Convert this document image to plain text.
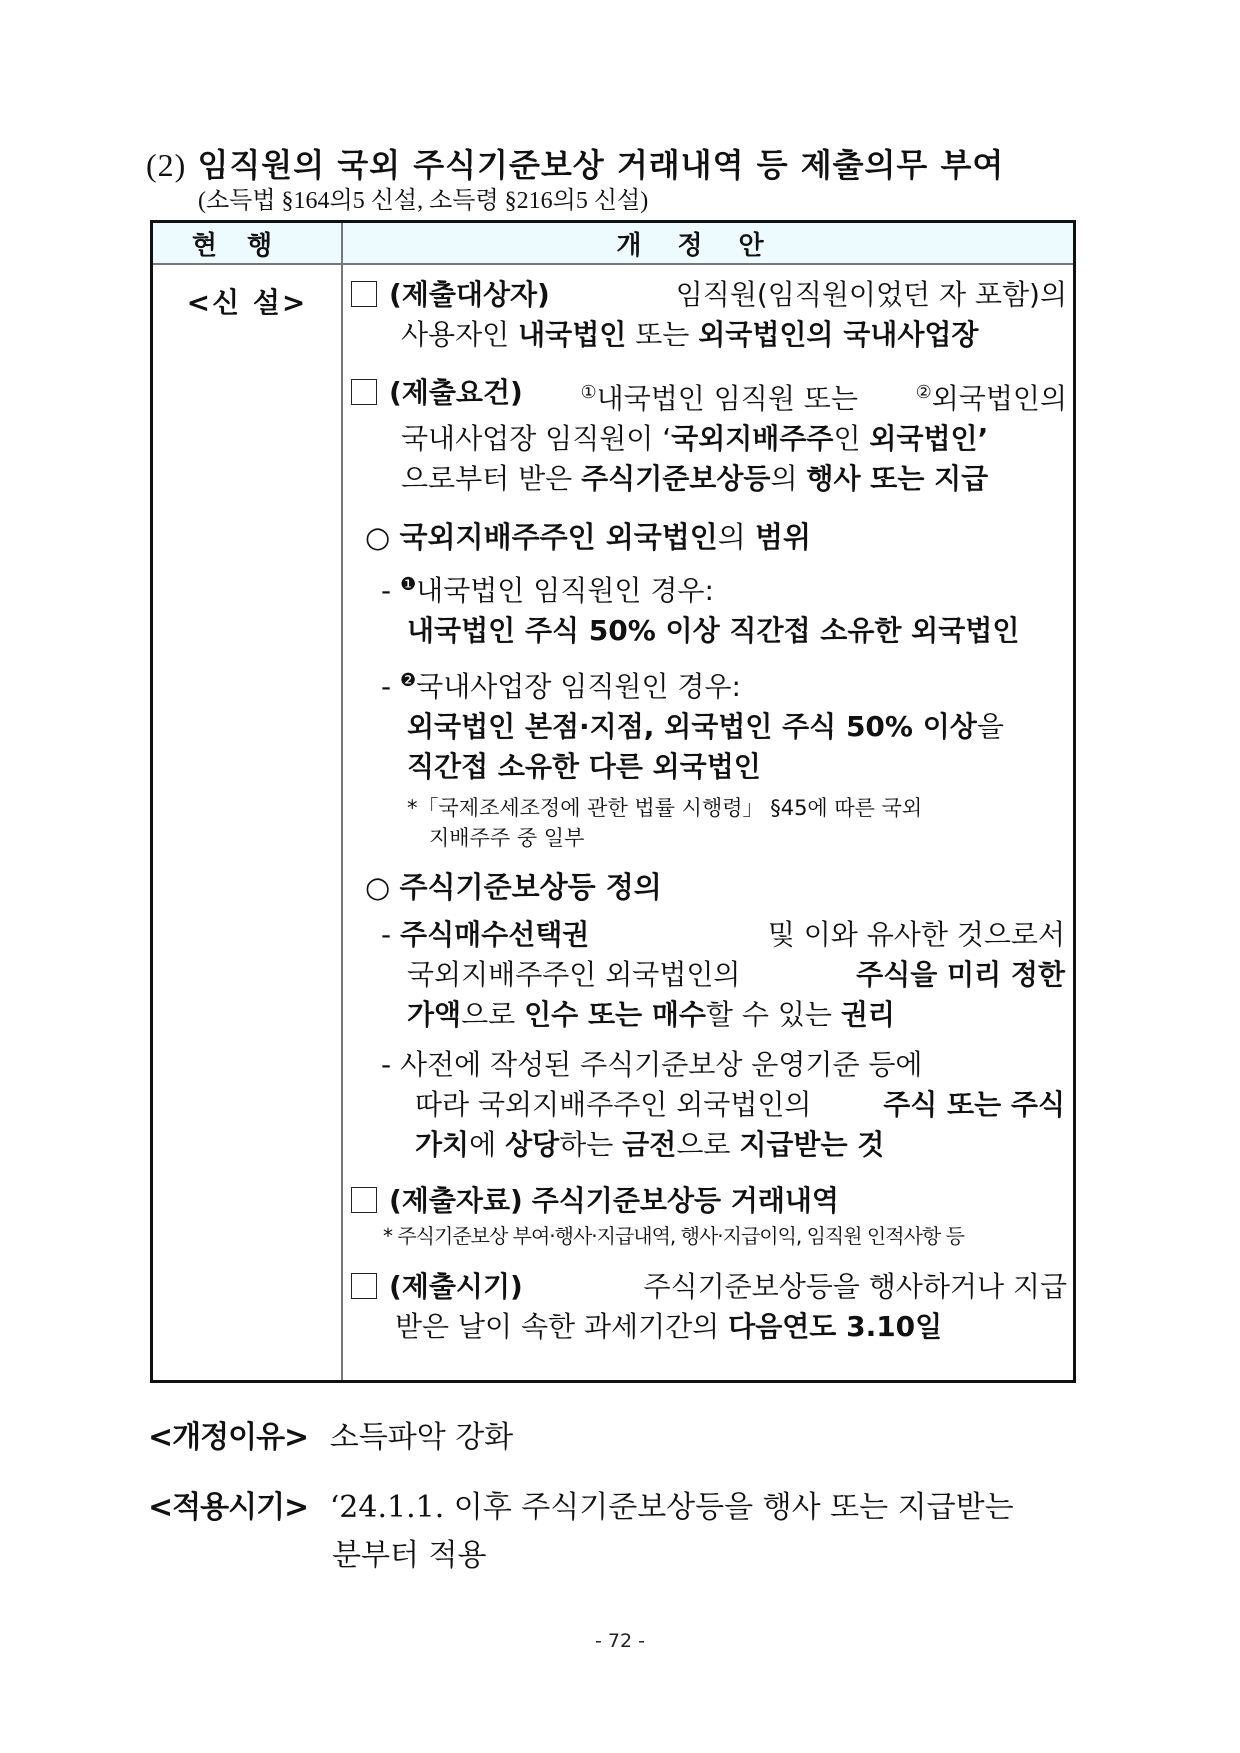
(2) 임직원의 국외 주식기준보상 거래내역 등 제출의무 부여
(소득법 §164의5 신설, 소득령 §216의5 신설)
현행	개정안

<신 설>	(제출대상자)	임직원(임직원이었던 자 포함)의
사용자인 내국법인 또는 외국법인의 국내사업장
(제출요건)	①내국법인 임직원 또는	②외국법인의
국내사업장 임직원이 ‘국외지배주주인 외국법인’
으로부터 받은 주식기준보상등의 행사 또는 지급
○ 국외지배주주인 외국법인의 범위
- $^❶$내국법인 임직원인 경우:
내국법인 주식 50% 이상 직간접 소유한 외국법인
- $^❷$국내사업장 임직원인 경우:
외국법인 본점·지점, 외국법인 주식 50% 이상을
직간접 소유한 다른 외국법인
*「국제조세조정에 관한 법률 시행령」 §45에 따른 국외
지배주주 중 일부
○ 주식기준보상등 정의
- 주식매수선택권	및 이와 유사한 것으로서
국외지배주주인 외국법인의	주식을 미리 정한
가액으로 인수 또는 매수할 수 있는 권리
- 사전에 작성된 주식기준보상 운영기준 등에
따라 국외지배주주인 외국법인의	주식 또는 주식
가치에 상당하는 금전으로 지급받는 것
(제출자료) 주식기준보상등 거래내역
* 주식기준보상 부여·행사·지급내역, 행사·지급이익, 임직원 인적사항 등
(제출시기)	주식기준보상등을 행사하거나 지급
받은 날이 속한 과세기간의 다음연도 3.10일
<개정이유> 소득파악 강화
<적용시기> ‘24.1.1. 이후 주식기준보상등을 행사 또는 지급받는
분부터 적용
- 72 -
